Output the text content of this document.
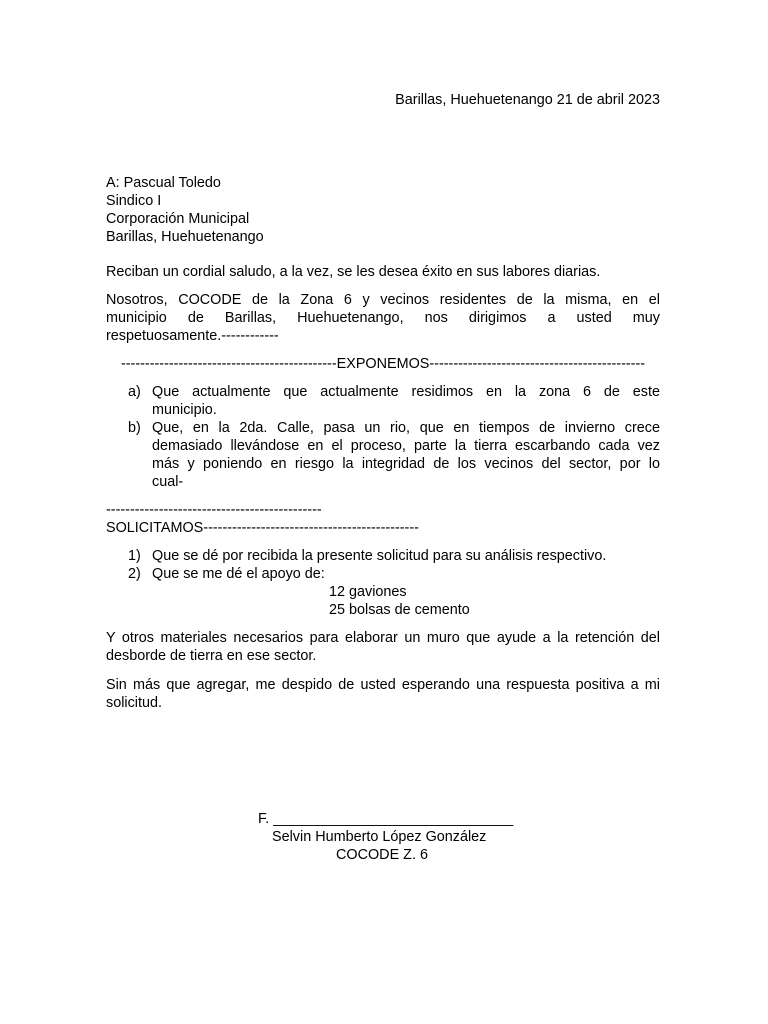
Barillas, Huehuetenango 21 de abril 2023
A: Pascual Toledo
Sindico I
Corporación Municipal
Barillas, Huehuetenango
Reciban un cordial saludo, a la vez, se les desea éxito en sus labores diarias.
Nosotros, COCODE de la Zona 6 y vecinos residentes de la misma, en el
municipio de Barillas, Huehuetenango, nos dirigimos a usted muy
respetuosamente.------------
---------------------------------------------EXPONEMOS---------------------------------------------
a) Que actualmente que actualmente residimos en la zona 6 de este
municipio.
b) Que, en la 2da. Calle, pasa un rio, que en tiempos de invierno crece
demasiado llevándose en el proceso, parte la tierra escarbando cada vez
más y poniendo en riesgo la integridad de los vecinos del sector, por lo
cual-
---------------------------------------------
SOLICITAMOS---------------------------------------------
1) Que se dé por recibida la presente solicitud para su análisis respectivo.
2) Que se me dé el apoyo de:
12 gaviones
25 bolsas de cemento
Y otros materiales necesarios para elaborar un muro que ayude a la retención del
desborde de tierra en ese sector.
Sin más que agregar, me despido de usted esperando una respuesta positiva a mi
solicitud.
F. ______________________________
Selvin Humberto López González
COCODE Z. 6
